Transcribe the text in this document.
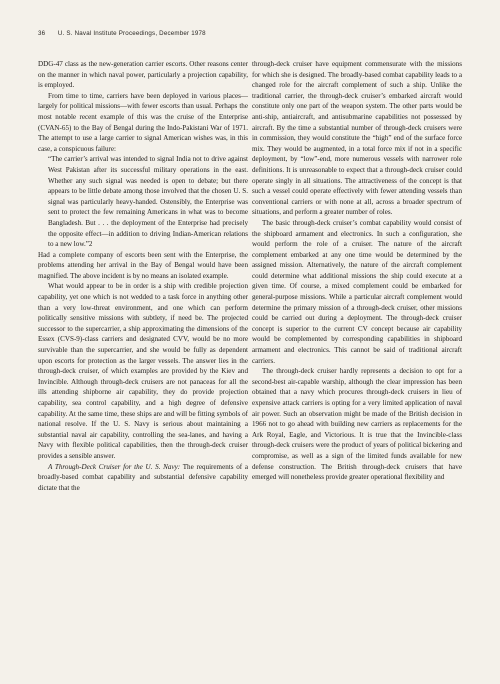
36 U. S. Naval Institute Proceedings, December 1978

DDG-47 class as the new-generation carrier escorts. Other reasons center on the manner in which naval power, particularly a projection capability, is employed.

From time to time, carriers have been deployed in various places—largely for political missions—with fewer escorts than usual. Perhaps the most notable recent example of this was the cruise of the Enterprise (CVAN-65) to the Bay of Bengal during the Indo-Pakistani War of 1971. The attempt to use a large carrier to signal American wishes was, in this case, a conspicuous failure:

“The carrier’s arrival was intended to signal India not to drive against West Pakistan after its successful military operations in the east. Whether any such signal was needed is open to debate; but there appears to be little debate among those involved that the chosen U. S. signal was particularly heavy-handed. Ostensibly, the Enterprise was sent to protect the few remaining Americans in what was to become Bangladesh. But . . . the deployment of the Enterprise had precisely the opposite effect—in addition to driving Indian-American relations to a new low.”2

Had a complete company of escorts been sent with the Enterprise, the problems attending her arrival in the Bay of Bengal would have been magnified. The above incident is by no means an isolated example.

What would appear to be in order is a ship with credible projection capability, yet one which is not wedded to a task force in anything other than a very low-threat environment, and one which can perform politically sensitive missions with subtlety, if need be. The projected successor to the supercarrier, a ship approximating the dimensions of the Essex (CVS-9)-class carriers and designated CVV, would be no more survivable than the supercarrier, and she would be fully as dependent upon escorts for protection as the larger vessels. The answer lies in the through-deck cruiser, of which examples are provided by the Kiev and Invincible. Although through-deck cruisers are not panaceas for all the ills attending shipborne air capability, they do provide projection capability, sea control capability, and a high degree of defensive capability. At the same time, these ships are and will be fitting symbols of national resolve. If the U. S. Navy is serious about maintaining a substantial naval air capability, controlling the sea-lanes, and having a Navy with flexible political capabilities, then the through-deck cruiser provides a sensible answer.

A Through-Deck Cruiser for the U. S. Navy: The requirements of a broadly-based combat capability and substantial defensive capability dictate that the

through-deck cruiser have equipment commensurate with the missions for which she is designed. The broadly-based combat capability leads to a changed role for the aircraft complement of such a ship. Unlike the traditional carrier, the through-deck cruiser’s embarked aircraft would constitute only one part of the weapon system. The other parts would be anti-ship, antiaircraft, and antisubmarine capabilities not possessed by aircraft. By the time a substantial number of through-deck cruisers were in commission, they would constitute the “high” end of the surface force mix. They would be augmented, in a total force mix if not in a specific deployment, by “low”-end, more numerous vessels with narrower role definitions. It is unreasonable to expect that a through-deck cruiser could operate singly in all situations. The attractiveness of the concept is that such a vessel could operate effectively with fewer attending vessels than conventional carriers or with none at all, across a broader spectrum of situations, and perform a greater number of roles.

The basic through-deck cruiser’s combat capability would consist of the shipboard armament and electronics. In such a configuration, she would perform the role of a cruiser. The nature of the aircraft complement embarked at any one time would be determined by the assigned mission. Alternatively, the nature of the aircraft complement could determine what additional missions the ship could execute at a given time. Of course, a mixed complement could be embarked for general-purpose missions. While a particular aircraft complement would determine the primary mission of a through-deck cruiser, other missions could be carried out during a deployment. The through-deck cruiser concept is superior to the current CV concept because air capability would be complemented by corresponding capabilities in shipboard armament and electronics. This cannot be said of traditional aircraft carriers.

The through-deck cruiser hardly represents a decision to opt for a second-best air-capable warship, although the clear impression has been obtained that a navy which procures through-deck cruisers in lieu of expensive attack carriers is opting for a very limited application of naval air power. Such an observation might be made of the British decision in 1966 not to go ahead with building new carriers as replacements for the Ark Royal, Eagle, and Victorious. It is true that the Invincible-class through-deck cruisers were the product of years of political bickering and compromise, as well as a sign of the limited funds available for new defense construction. The British through-deck cruisers that have emerged will nonetheless provide greater operational flexibility and
